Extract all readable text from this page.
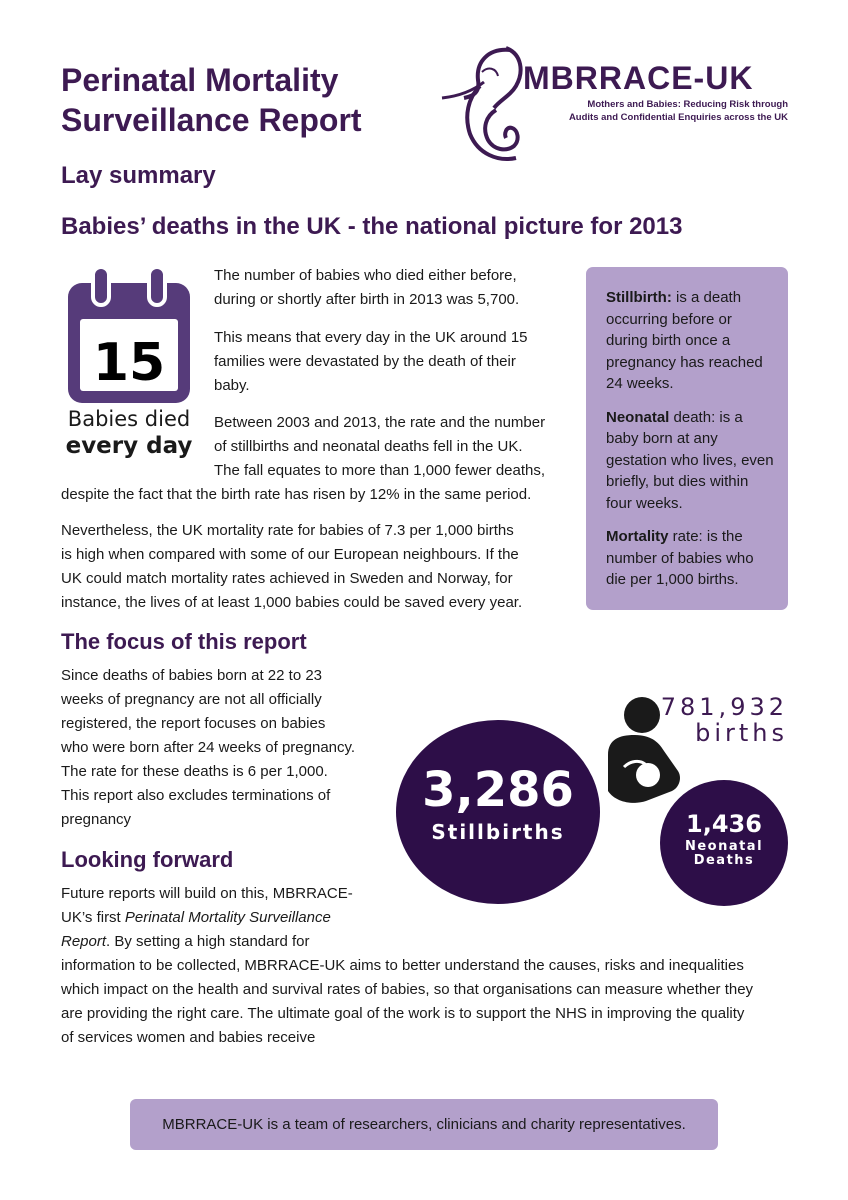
Perinatal Mortality
Surveillance Report
MBRRACE-UK
Mothers and Babies: Reducing Risk through
Audits and Confidential Enquiries across the UK
Lay summary
Babies’ deaths in the UK - the national picture for 2013
15
Babies died
every day

The number of babies who died either before,
during or shortly after birth in 2013 was 5,700.

This means that every day in the UK around 15
families were devastated by the death of their
baby.

Between 2003 and 2013, the rate and the number
of stillbirths and neonatal deaths fell in the UK.
The fall equates to more than 1,000 fewer deaths,

despite the fact that the birth rate has risen by 12% in the same period.

Nevertheless, the UK mortality rate for babies of 7.3 per 1,000 births
is high when compared with some of our European neighbours. If the
UK could match mortality rates achieved in Sweden and Norway, for
instance, the lives of at least 1,000 babies could be saved every year.

Stillbirth: is a death occurring before or during birth once a pregnancy has reached 24 weeks.

Neonatal death: is a baby born at any gestation who lives, even briefly, but dies within four weeks.

Mortality rate: is the number of babies who die per 1,000 births.

The focus of this report
Since deaths of babies born at 22 to 23
weeks of pregnancy are not all officially
registered, the report focuses on babies
who were born after 24 weeks of pregnancy.
The rate for these deaths is 6 per 1,000.
This report also excludes terminations of
pregnancy
781,932
births
3,286
Stillbirths	1,436
Neonatal
Deaths
Looking forward
Future reports will build on this, MBRRACE-
UK’s first Perinatal Mortality Surveillance
Report. By setting a high standard for
information to be collected, MBRRACE-UK aims to better understand the causes, risks and inequalities
which impact on the health and survival rates of babies, so that organisations can measure whether they
are providing the right care. The ultimate goal of the work is to support the NHS in improving the quality
of services women and babies receive
MBRRACE-UK is a team of researchers, clinicians and charity representatives.
